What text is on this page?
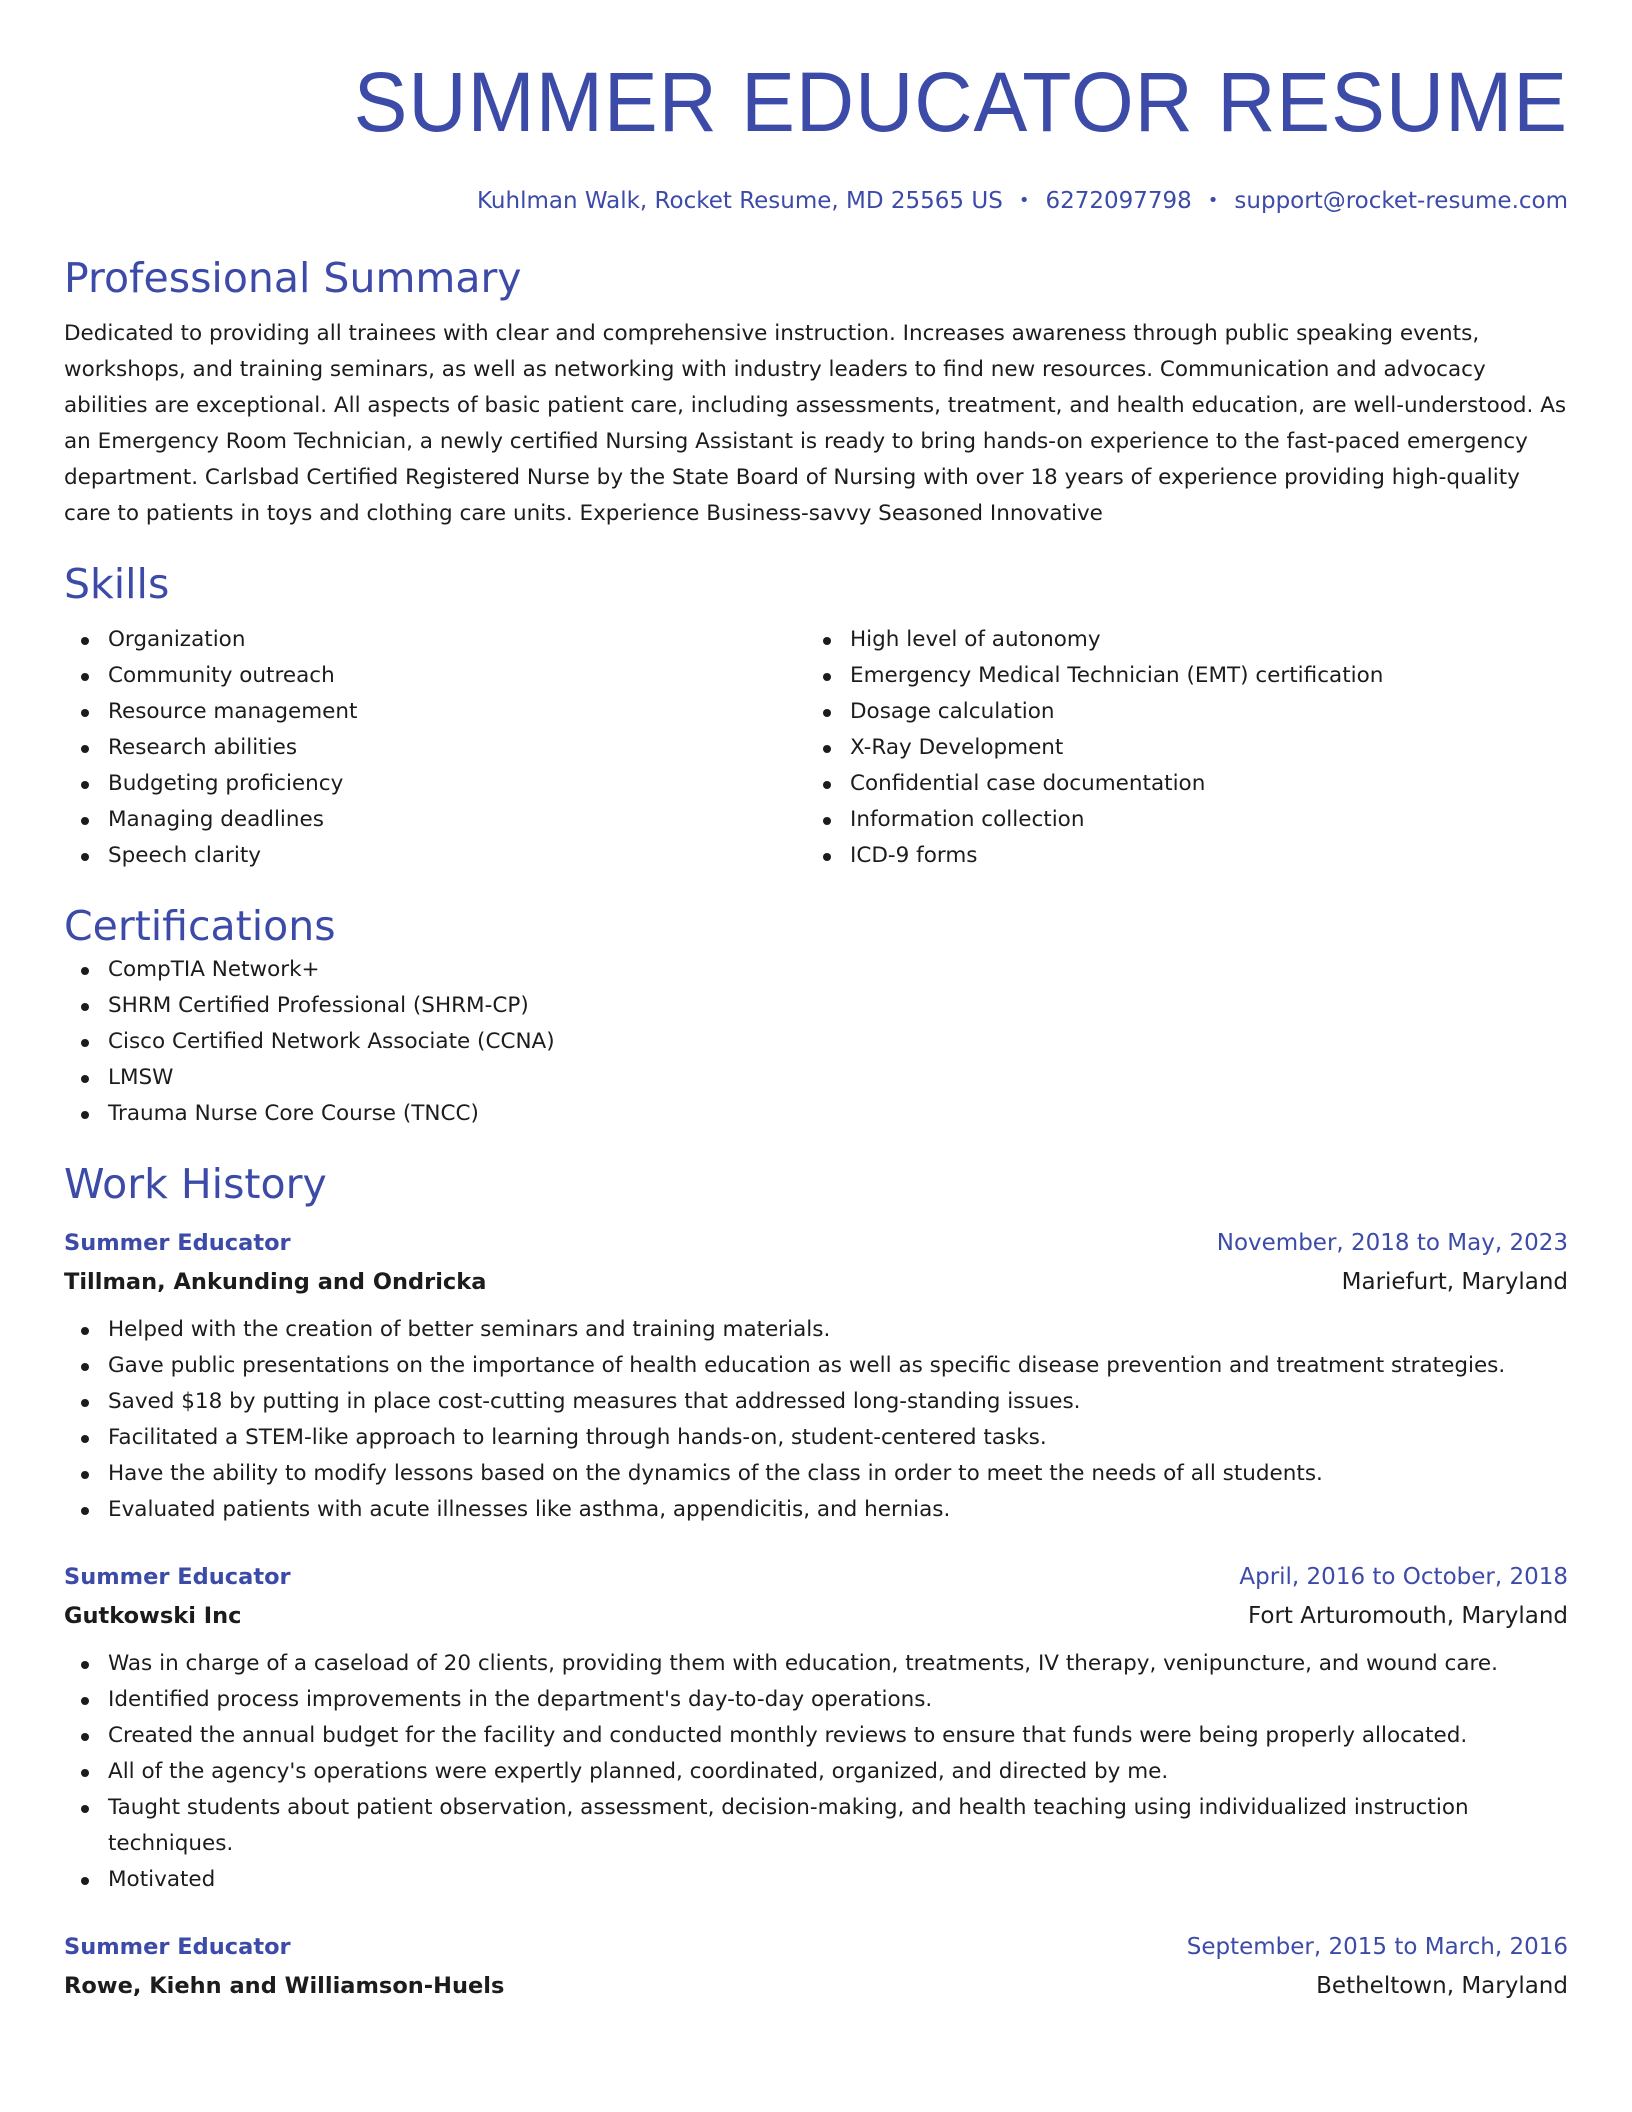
SUMMER EDUCATOR RESUME
Kuhlman Walk, Rocket Resume, MD 25565 US • 6272097798 • support@rocket-resume.com
Professional Summary

Dedicated to providing all trainees with clear and comprehensive instruction. Increases awareness through public speaking events, workshops, and training seminars, as well as networking with industry leaders to find new resources. Communication and advocacy abilities are exceptional. All aspects of basic patient care, including assessments, treatment, and health education, are well-understood. As an Emergency Room Technician, a newly certified Nursing Assistant is ready to bring hands-on experience to the fast-paced emergency department. Carlsbad Certified Registered Nurse by the State Board of Nursing with over 18 years of experience providing high-quality care to patients in toys and clothing care units. Experience Business-savvy Seasoned Innovative

Skills
Organization
Community outreach
Resource management
Research abilities
Budgeting proficiency
Managing deadlines
Speech clarity
High level of autonomy
Emergency Medical Technician (EMT) certification
Dosage calculation
X-Ray Development
Confidential case documentation
Information collection
ICD-9 forms
Certifications
CompTIA Network+
SHRM Certified Professional (SHRM-CP)
Cisco Certified Network Associate (CCNA)
LMSW
Trauma Nurse Core Course (TNCC)
Work History
Summer Educator	November, 2018 to May, 2023
Tillman, Ankunding and Ondricka	Mariefurt, Maryland
Helped with the creation of better seminars and training materials.
Gave public presentations on the importance of health education as well as specific disease prevention and treatment strategies.
Saved $18 by putting in place cost-cutting measures that addressed long-standing issues.
Facilitated a STEM-like approach to learning through hands-on, student-centered tasks.
Have the ability to modify lessons based on the dynamics of the class in order to meet the needs of all students.
Evaluated patients with acute illnesses like asthma, appendicitis, and hernias.
Summer Educator	April, 2016 to October, 2018
Gutkowski Inc	Fort Arturomouth, Maryland
Was in charge of a caseload of 20 clients, providing them with education, treatments, IV therapy, venipuncture, and wound care.
Identified process improvements in the department's day-to-day operations.
Created the annual budget for the facility and conducted monthly reviews to ensure that funds were being properly allocated.
All of the agency's operations were expertly planned, coordinated, organized, and directed by me.
Taught students about patient observation, assessment, decision-making, and health teaching using individualized instruction techniques.
Motivated
Summer Educator	September, 2015 to March, 2016
Rowe, Kiehn and Williamson-Huels	Betheltown, Maryland
